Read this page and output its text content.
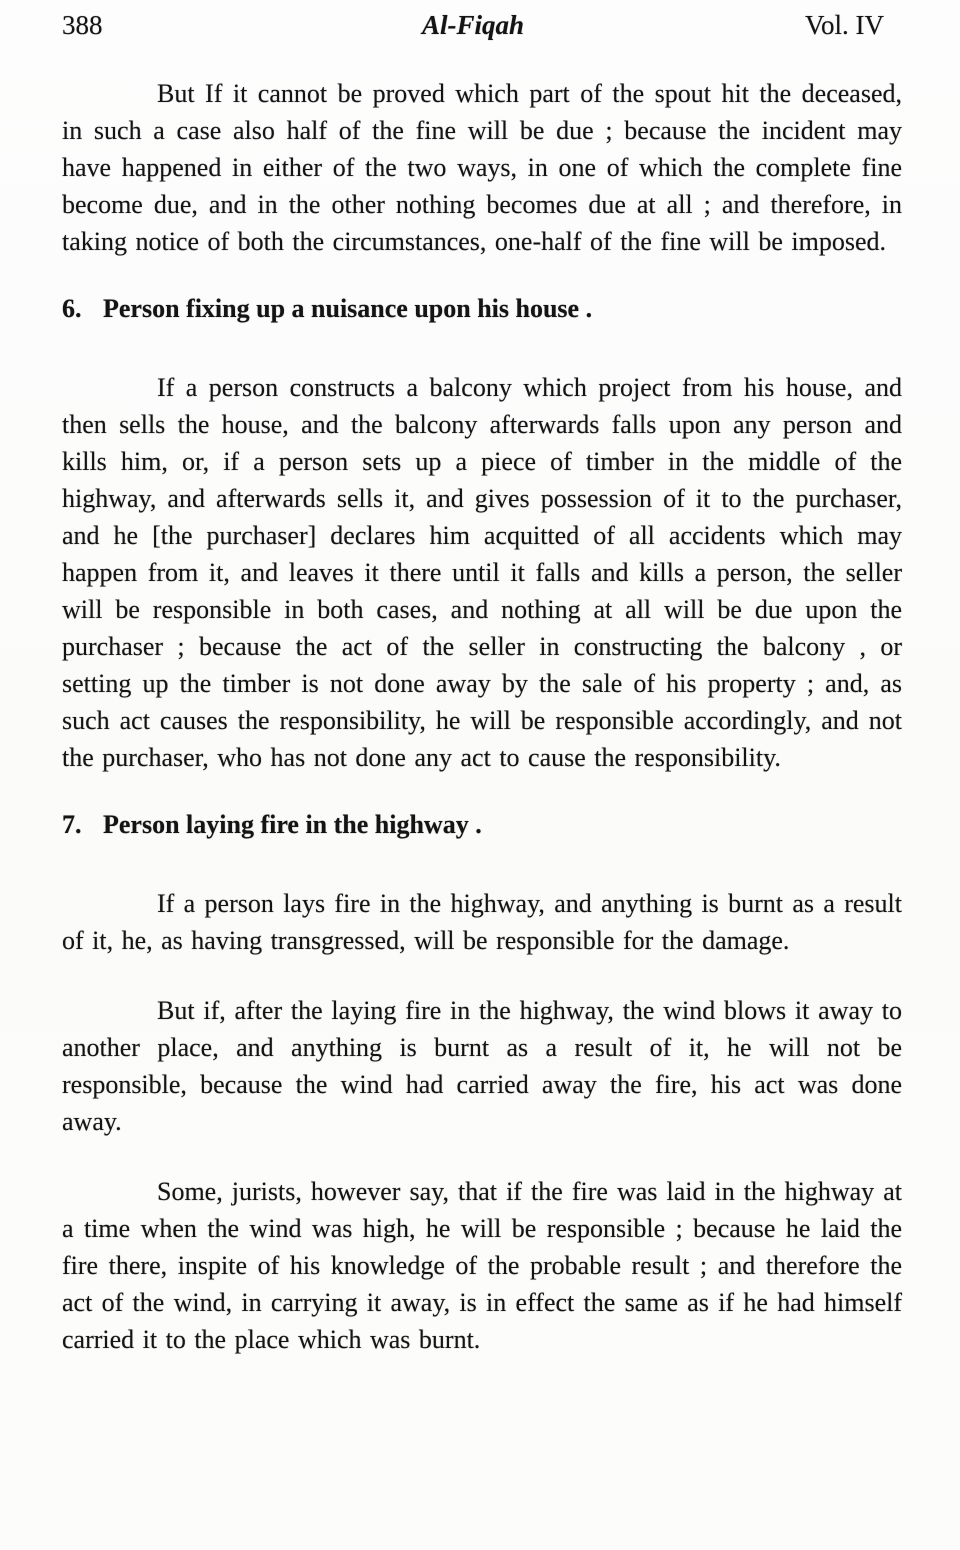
388	Al-Fiqah	Vol. IV

But If it cannot be proved which part of the spout hit the deceased, in such a case also half of the fine will be due ; because the incident may have happened in either of the two ways, in one of which the complete fine become due, and in the other nothing becomes due at all ; and therefore, in taking notice of both the circumstances, one-half of the fine will be imposed.

6. Person fixing up a nuisance upon his house .

If a person constructs a balcony which project from his house, and then sells the house, and the balcony afterwards falls upon any person and kills him, or, if a person sets up a piece of timber in the middle of the highway, and afterwards sells it, and gives possession of it to the purchaser, and he [the purchaser] declares him acquitted of all accidents which may happen from it, and leaves it there until it falls and kills a person, the seller will be responsible in both cases, and nothing at all will be due upon the purchaser ; because the act of the seller in constructing the balcony , or setting up the timber is not done away by the sale of his property ; and, as such act causes the responsibility, he will be responsible accordingly, and not the purchaser, who has not done any act to cause the responsibility.

7. Person laying fire in the highway .

If a person lays fire in the highway, and anything is burnt as a result of it, he, as having transgressed, will be responsible for the damage.

But if, after the laying fire in the highway, the wind blows it away to another place, and anything is burnt as a result of it, he will not be responsible, because the wind had carried away the fire, his act was done away.

Some, jurists, however say, that if the fire was laid in the highway at a time when the wind was high, he will be responsible ; because he laid the fire there, inspite of his knowledge of the probable result ; and therefore the act of the wind, in carrying it away, is in effect the same as if he had himself carried it to the place which was burnt.
